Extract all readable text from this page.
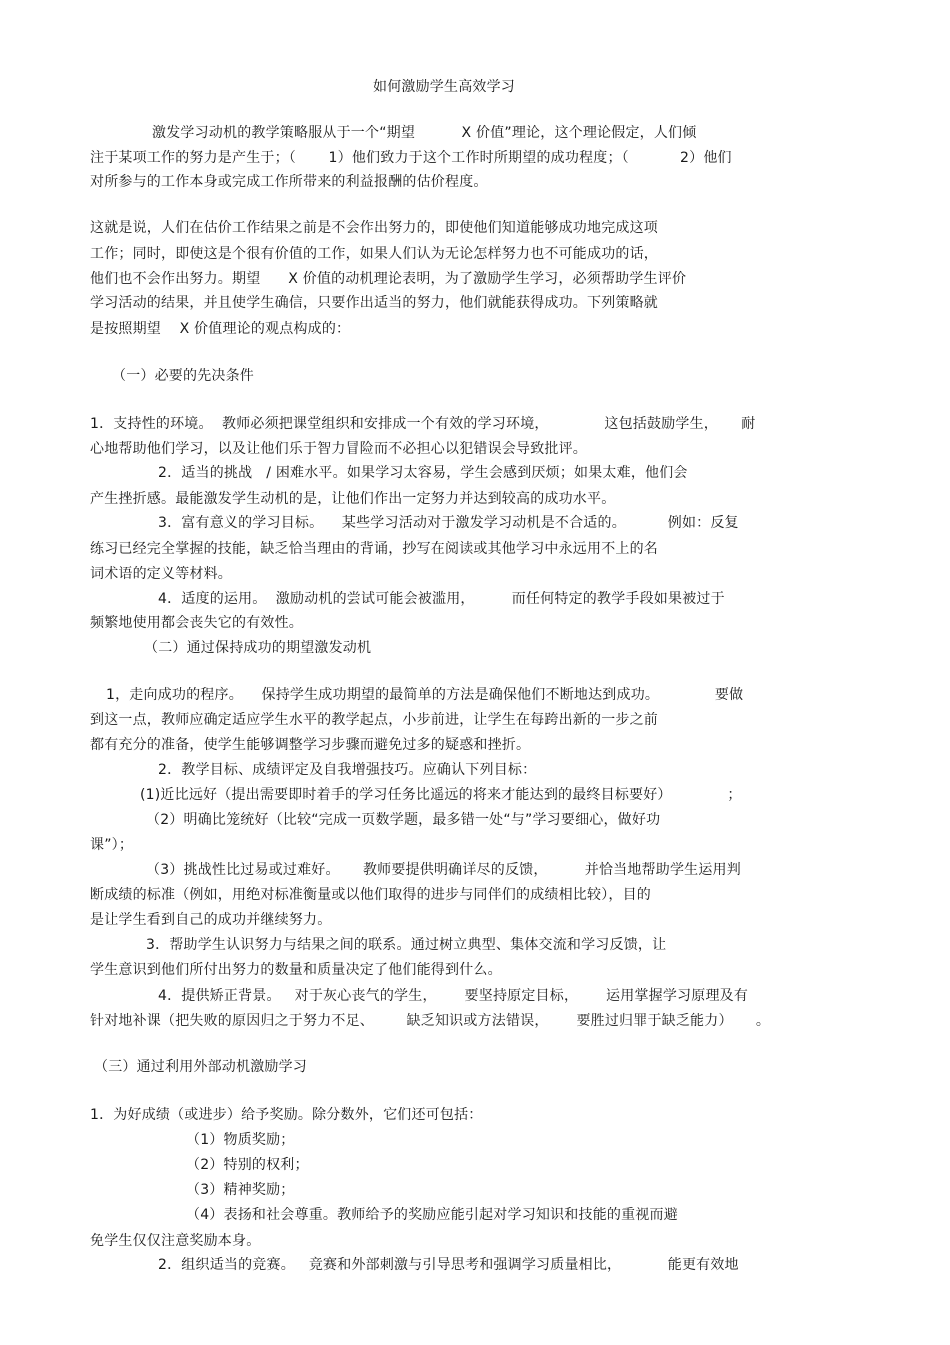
如何激励学生高效学习
激发学习动机的教学策略服从于一个“期望          X 价值”理论，这个理论假定，人们倾
注于某项工作的努力是产生于；（       1）他们致力于这个工作时所期望的成功程度；（           2）他们
对所参与的工作本身或完成工作所带来的利益报酬的估价程度。
这就是说，人们在估价工作结果之前是不会作出努力的，即使他们知道能够成功地完成这项
工作；同时，即使这是个很有价值的工作，如果人们认为无论怎样努力也不可能成功的话，
他们也不会作出努力。期望      X 价值的动机理论表明，为了激励学生学习，必须帮助学生评价
学习活动的结果，并且使学生确信，只要作出适当的努力，他们就能获得成功。下列策略就
是按照期望    X 价值理论的观点构成的：
（一）必要的先决条件
1．支持性的环境。  教师必须把课堂组织和安排成一个有效的学习环境，            这包括鼓励学生，     耐
心地帮助他们学习，以及让他们乐于智力冒险而不必担心以犯错误会导致批评。
2．适当的挑战   / 困难水平。如果学习太容易，学生会感到厌烦；如果太难，他们会
产生挫折感。最能激发学生动机的是，让他们作出一定努力并达到较高的成功水平。
3．富有意义的学习目标。    某些学习活动对于激发学习动机是不合适的。         例如：反复
练习已经完全掌握的技能，缺乏恰当理由的背诵，抄写在阅读或其他学习中永远用不上的名
词术语的定义等材料。
4．适度的运用。  激励动机的尝试可能会被滥用，        而任何特定的教学手段如果被过于
频繁地使用都会丧失它的有效性。
（二）通过保持成功的期望激发动机
1，走向成功的程序。    保持学生成功期望的最简单的方法是确保他们不断地达到成功。            要做
到这一点，教师应确定适应学生水平的教学起点，小步前进，让学生在每跨出新的一步之前
都有充分的准备，使学生能够调整学习步骤而避免过多的疑惑和挫折。
2．教学目标、成绩评定及自我增强技巧。应确认下列目标：
(1)近比远好（提出需要即时着手的学习任务比遥远的将来才能达到的最终目标要好）            ；
（2）明确比笼统好（比较“完成一页数学题，最多错一处“与”学习要细心，做好功
课”）；
（3）挑战性比过易或过难好。     教师要提供明确详尽的反馈，        并恰当地帮助学生运用判
断成绩的标准（例如，用绝对标准衡量或以他们取得的进步与同伴们的成绩相比较），目的
是让学生看到自己的成功并继续努力。
3．帮助学生认识努力与结果之间的联系。通过树立典型、集体交流和学习反馈，让
学生意识到他们所付出努力的数量和质量决定了他们能得到什么。
4．提供矫正背景。   对于灰心丧气的学生，      要坚持原定目标，      运用掌握学习原理及有
针对地补课（把失败的原因归之于努力不足、       缺乏知识或方法错误，      要胜过归罪于缺乏能力）     。
（三）通过利用外部动机激励学习
1．为好成绩（或进步）给予奖励。除分数外，它们还可包括：
（1）物质奖励；
（2）特别的权利；
（3）精神奖励；
（4）表扬和社会尊重。教师给予的奖励应能引起对学习知识和技能的重视而避
免学生仅仅注意奖励本身。
2．组织适当的竞赛。   竞赛和外部刺激与引导思考和强调学习质量相比，          能更有效地
